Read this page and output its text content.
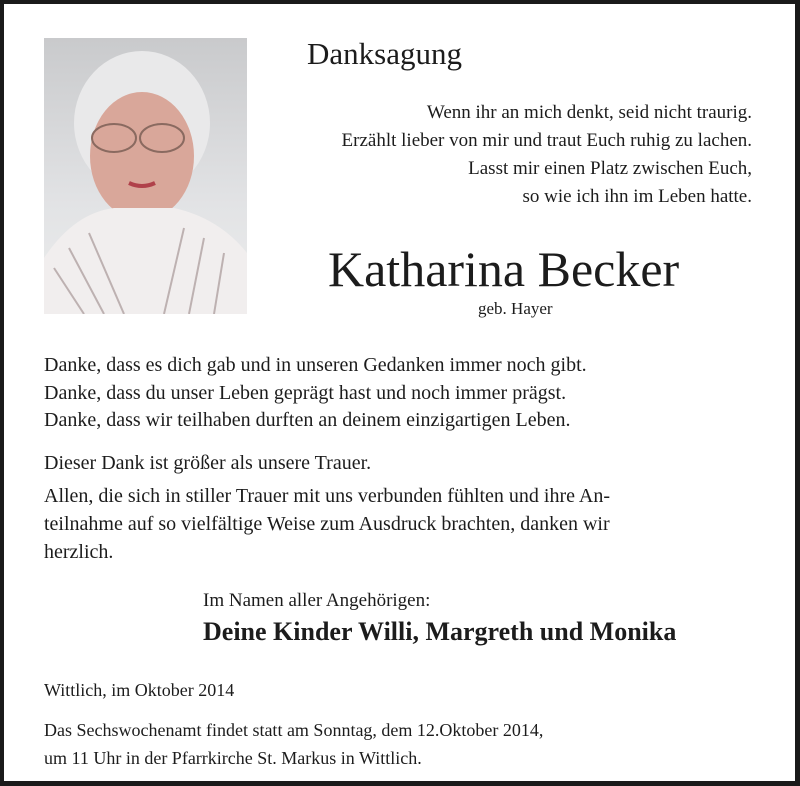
Danksagung
Wenn ihr an mich denkt, seid nicht traurig.
Erzählt lieber von mir und traut Euch ruhig zu lachen.
Lasst mir einen Platz zwischen Euch,
so wie ich ihn im Leben hatte.
Katharina Becker
geb. Hayer
Danke, dass es dich gab und in unseren Gedanken immer noch gibt.
Danke, dass du unser Leben geprägt hast und noch immer prägst.
Danke, dass wir teilhaben durften an deinem einzigartigen Leben.
Dieser Dank ist größer als unsere Trauer.
Allen, die sich in stiller Trauer mit uns verbunden fühlten und ihre An-
teilnahme auf so vielfältige Weise zum Ausdruck brachten, danken wir
herzlich.
Im Namen aller Angehörigen:
Deine Kinder Willi, Margreth und Monika
Wittlich, im Oktober 2014
Das Sechswochenamt findet statt am Sonntag, dem 12.Oktober 2014,
um 11 Uhr in der Pfarrkirche St. Markus in Wittlich.
